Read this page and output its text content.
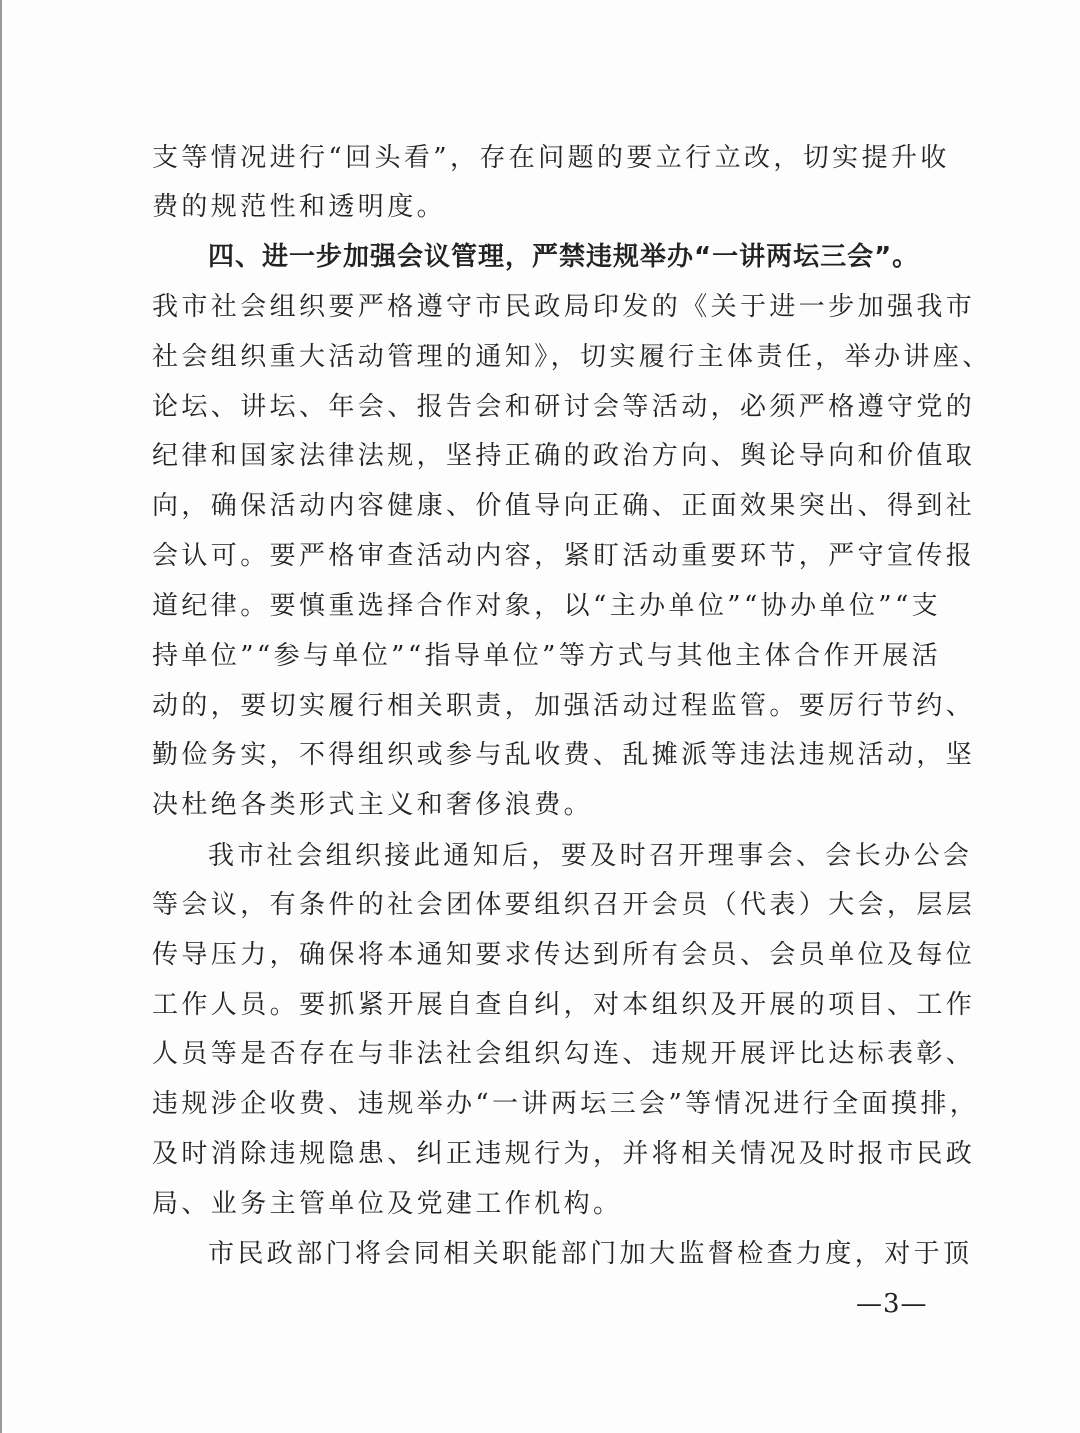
支等情况进行“回头看”，存在问题的要立行立改，切实提升收
费的规范性和透明度。
四、进一步加强会议管理，严禁违规举办“一讲两坛三会”。
我市社会组织要严格遵守市民政局印发的《关于进一步加强我市
社会组织重大活动管理的通知》，切实履行主体责任，举办讲座、
论坛、讲坛、年会、报告会和研讨会等活动，必须严格遵守党的
纪律和国家法律法规，坚持正确的政治方向、舆论导向和价值取
向，确保活动内容健康、价值导向正确、正面效果突出、得到社
会认可。要严格审查活动内容，紧盯活动重要环节，严守宣传报
道纪律。要慎重选择合作对象，以“主办单位”“协办单位”“支
持单位”“参与单位”“指导单位”等方式与其他主体合作开展活
动的，要切实履行相关职责，加强活动过程监管。要厉行节约、
勤俭务实，不得组织或参与乱收费、乱摊派等违法违规活动，坚
决杜绝各类形式主义和奢侈浪费。
我市社会组织接此通知后，要及时召开理事会、会长办公会
等会议，有条件的社会团体要组织召开会员（代表）大会，层层
传导压力，确保将本通知要求传达到所有会员、会员单位及每位
工作人员。要抓紧开展自查自纠，对本组织及开展的项目、工作
人员等是否存在与非法社会组织勾连、违规开展评比达标表彰、
违规涉企收费、违规举办“一讲两坛三会”等情况进行全面摸排，
及时消除违规隐患、纠正违规行为，并将相关情况及时报市民政
局、业务主管单位及党建工作机构。
市民政部门将会同相关职能部门加大监督检查力度，对于顶
—3—
